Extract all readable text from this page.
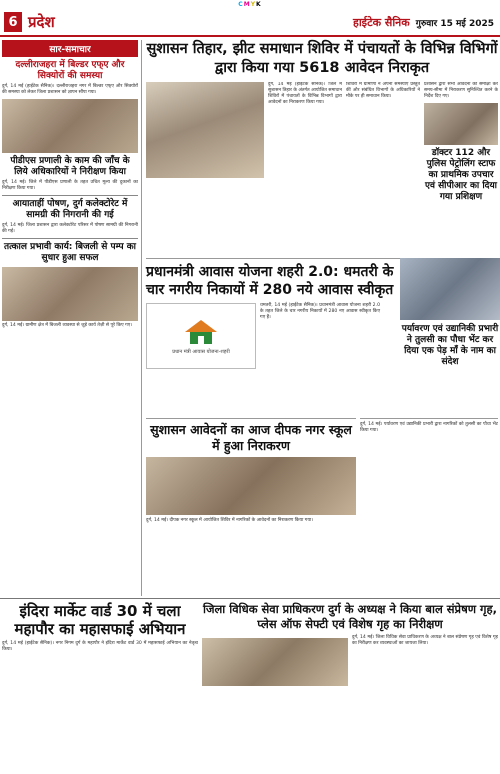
CMYK
6 प्रदेश	हाईटेक सैनिक गुरुवार 15 मई 2025
सार-समाचार
दल्लीराजहरा में बिल्डर एफ्ए और सिक्योरों की समस्या
दुर्ग, 14 मई (हाईटेक सैनिक)। दल्लीराजहरा नगर में बिल्डर एफ्ए और सिक्योरों की समस्या को लेकर जिला प्रशासन को ज्ञापन सौंपा गया।
पीडीएस प्रणाली के काम की जाँच के लिये अधिकारियों ने निरीक्षण किया
दुर्ग, 14 मई। जिले में पीडीएस प्रणाली के तहत उचित मूल्य की दुकानों का निरीक्षण किया गया।
आयाताहीं पोषण, दुर्ग कलेक्टोरेट में सामग्री की निगरानी की गई
दुर्ग, 14 मई। जिला प्रशासन द्वारा कलेक्टोरेट परिसर में पोषण सामग्री की निगरानी की गई।
तत्काल प्रभावी कार्य: बिजली से पम्प का सुधार हुआ सफल
दुर्ग, 14 मई। ग्रामीण क्षेत्र में बिजली व्यवस्था से जुड़े कार्य तेज़ी से पूरे किए गए।
सुशासन तिहार, झीट समाधान शिविर में पंचायतों के विभिन्न विभिगों द्वारा किया गया 5618 आवेदन निराकृत
दुर्ग, 14 मई (हाईटेक सैनिक)। जिले में सुशासन तिहार के अंतर्गत आयोजित समाधान शिविरों में पंचायतों के विभिन्न विभागों द्वारा आवेदनों का निराकरण किया गया।
शिविरों में ग्रामीणों ने अपनी समस्याएँ प्रस्तुत कीं और संबंधित विभागों के अधिकारियों ने मौके पर ही समाधान किया।
प्रशासन द्वारा सभी आवेदनों की समीक्षा कर समय-सीमा में निराकरण सुनिश्चित करने के निर्देश दिए गए।
डॉक्टर 112 और पुलिस पेट्रोलिंग स्टाफ का प्राथमिक उपचार एवं सीपीआर का दिया गया प्रशिक्षण
प्रधानमंत्री आवास योजना शहरी 2.0: धमतरी के चार नगरीय निकायों में 280 नये आवास स्वीकृत
प्रधान मंत्री आवास योजना-शहरी
धमतरी, 14 मई (हाईटेक सैनिक)। प्रधानमंत्री आवास योजना शहरी 2.0 के तहत जिले के चार नगरीय निकायों में 280 नए आवास स्वीकृत किए गए हैं।
पर्यावरण एवं उद्यानिकी प्रभारी ने तुलसी का पौधा भेंट कर दिया एक पेड़ माँ के नाम का संदेश
सुशासन आवेदनों का आज दीपक नगर स्कूल में हुआ निराकरण
दुर्ग, 14 मई। दीपक नगर स्कूल में आयोजित शिविर में नागरिकों के आवेदनों का निराकरण किया गया।
दुर्ग, 14 मई। पर्यावरण एवं उद्यानिकी प्रभारी द्वारा नागरिकों को तुलसी का पौधा भेंट किया गया।
इंदिरा मार्केट वार्ड 30 में चला महापौर का महासफाई अभियान
दुर्ग, 14 मई (हाईटेक सैनिक)। नगर निगम दुर्ग के महापौर ने इंदिरा मार्केट वार्ड 30 में महासफाई अभियान का नेतृत्व किया।
जिला विधिक सेवा प्राधिकरण दुर्ग के अध्यक्ष ने किया बाल संप्रेषण गृह, प्लेस ऑफ सेफ्टी एवं विशेष गृह का निरीक्षण
दुर्ग, 14 मई। जिला विधिक सेवा प्राधिकरण के अध्यक्ष ने बाल संप्रेषण गृह एवं विशेष गृह का निरीक्षण कर व्यवस्थाओं का जायजा लिया।
